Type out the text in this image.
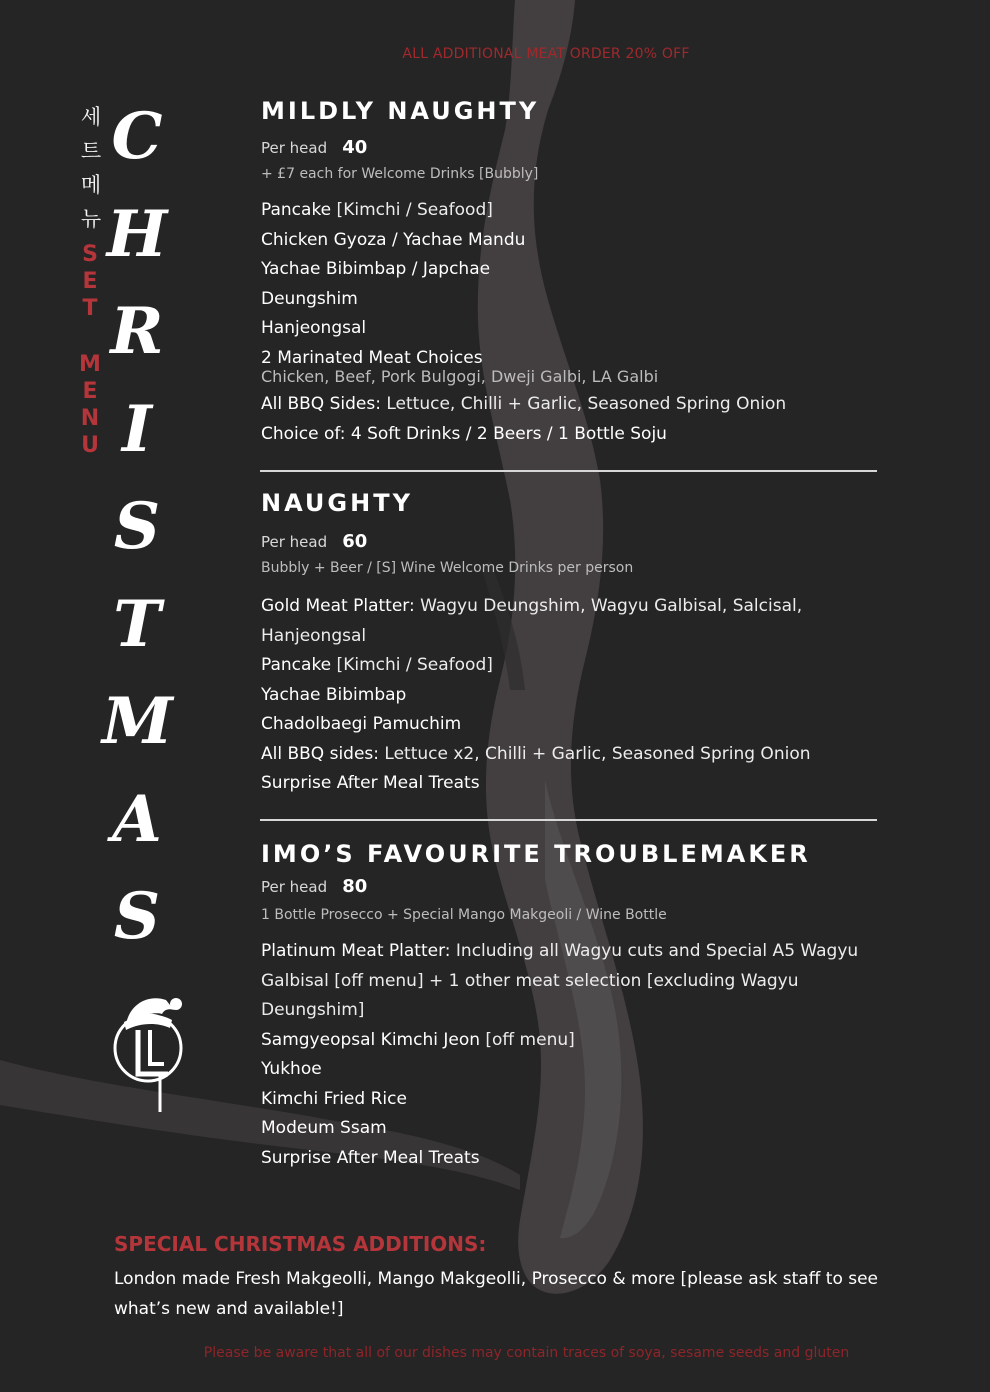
ALL ADDITIONAL MEAT ORDER 20% OFF
세
트
메
뉴
S
E
T
M
E
N
U
C
H
R
I
S
T
M
A
S
MILDLY NAUGHTY
Per head 40
+ £7 each for Welcome Drinks [Bubbly]
Pancake [Kimchi / Seafood]
Chicken Gyoza / Yachae Mandu
Yachae Bibimbap / Japchae
Deungshim
Hanjeongsal
2 Marinated Meat Choices
Chicken, Beef, Pork Bulgogi, Dweji Galbi, LA Galbi
All BBQ Sides: Lettuce, Chilli + Garlic, Seasoned Spring Onion
Choice of: 4 Soft Drinks / 2 Beers / 1 Bottle Soju
NAUGHTY
Per head 60
Bubbly + Beer / [S] Wine Welcome Drinks per person
Gold Meat Platter: Wagyu Deungshim, Wagyu Galbisal, Salcisal, Hanjeongsal
Pancake [Kimchi / Seafood]
Yachae Bibimbap
Chadolbaegi Pamuchim
All BBQ sides: Lettuce x2, Chilli + Garlic, Seasoned Spring Onion
Surprise After Meal Treats
IMO’S FAVOURITE TROUBLEMAKER
Per head 80
1 Bottle Prosecco + Special Mango Makgeoli / Wine Bottle
Platinum Meat Platter: Including all Wagyu cuts and Special A5 Wagyu Galbisal [off menu] + 1 other meat selection [excluding Wagyu Deungshim]
Samgyeopsal Kimchi Jeon [off menu]
Yukhoe
Kimchi Fried Rice
Modeum Ssam
Surprise After Meal Treats
SPECIAL CHRISTMAS ADDITIONS:
London made Fresh Makgeolli, Mango Makgeolli, Prosecco & more [please ask staff to see what’s new and available!]
Please be aware that all of our dishes may contain traces of soya, sesame seeds and gluten
